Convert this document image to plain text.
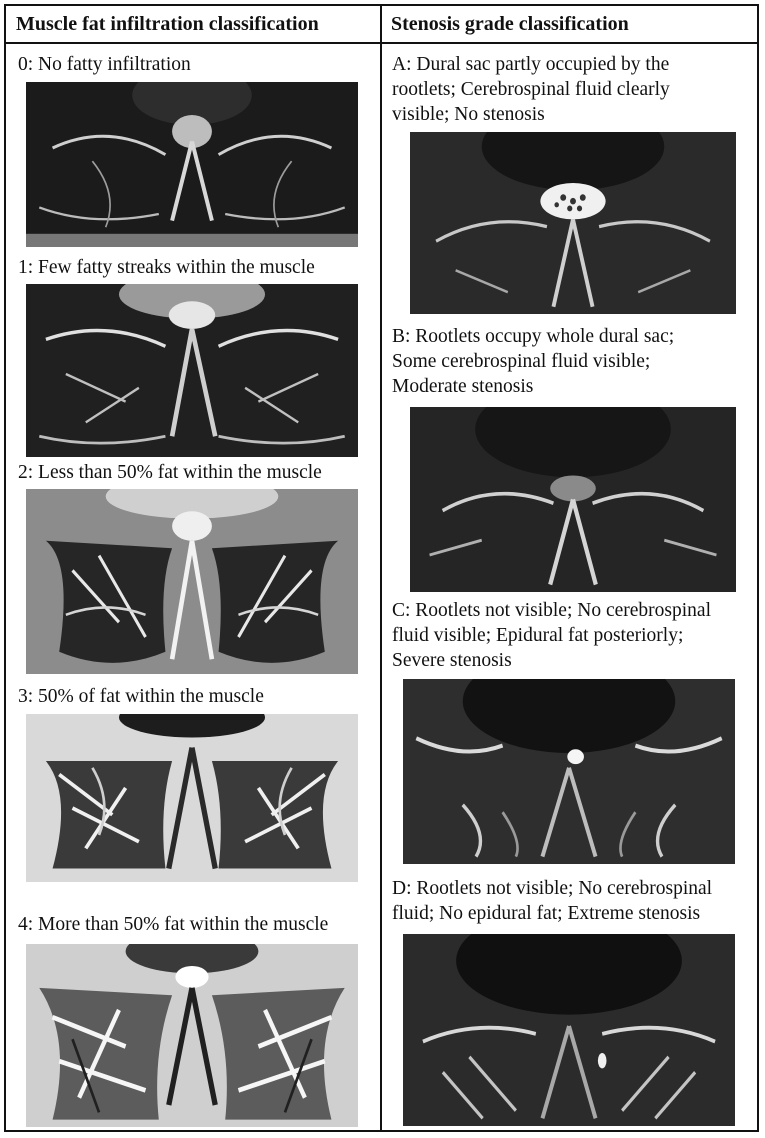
Muscle fat infiltration classification	Stenosis grade classification
0: No fatty infiltration
1: Few fatty streaks within the muscle
2: Less than 50% fat within the muscle
3: 50% of fat within the muscle
4: More than 50% fat within the muscle
A: Dural sac partly occupied by the
rootlets; Cerebrospinal fluid clearly
visible; No stenosis
B: Rootlets occupy whole dural sac;
Some cerebrospinal fluid visible;
Moderate stenosis
C: Rootlets not visible; No cerebrospinal
fluid visible; Epidural fat posteriorly;
Severe stenosis
D: Rootlets not visible; No cerebrospinal
fluid; No epidural fat; Extreme stenosis
